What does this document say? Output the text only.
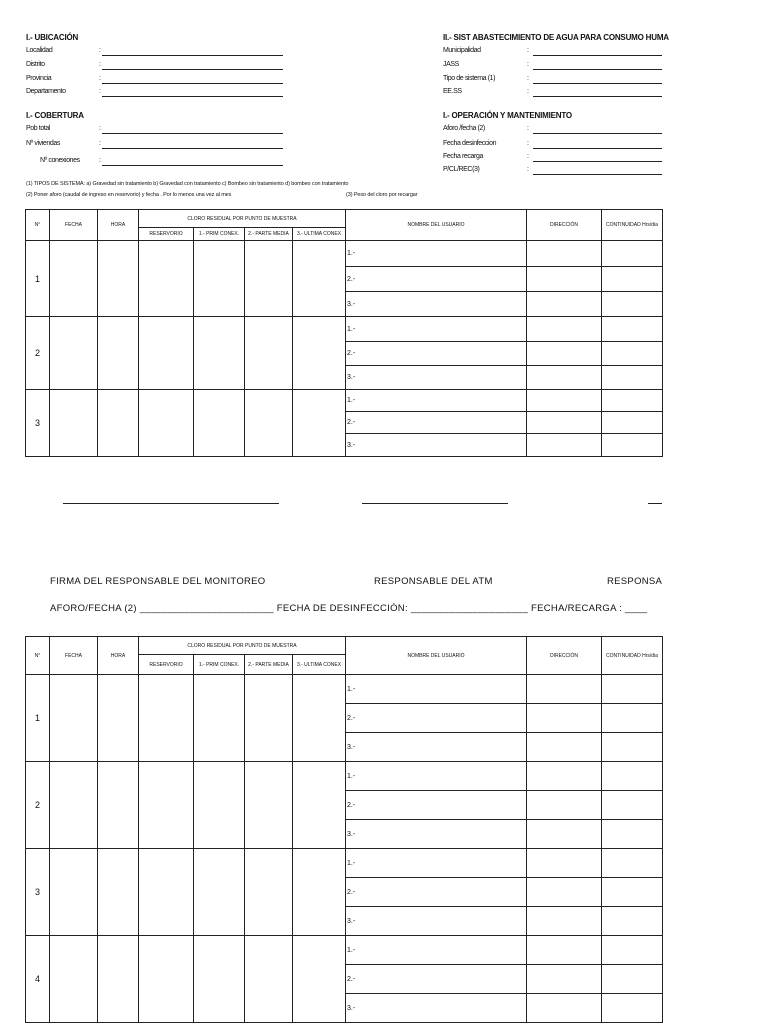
I.- UBICACIÓN
Localidad	:
Distrito	:
Provincia	:
Departamento	:
II.- SIST ABASTECIMIENTO DE AGUA PARA CONSUMO HUMA
Municipalidad	:
JASS	:
Tipo de sistema (1)	:
EE.SS	:
I.- COBERTURA
Pob total	:
Nº viviendas	:
Nº conexiones	:
I.- OPERACIÓN Y MANTENIMIENTO
Aforo /fecha (2)	:
Fecha desinfeccion	:
Fecha recarga	:
P/CL/REC(3)	:
(1) TIPOS DE SISTEMA: a) Gravedad sin tratamiento b) Gravedad con tratamiento c) Bombeo sin tratamiento d) bombeo con tratamiento
(2) Poner aforo (caudal de ingreso en reservorio) y fecha . Por lo menos una vez al mes	(3) Peso del cloro por recargar
N°	FECHA	HORA	CLORO RESIDUAL POR PUNTO DE MUESTRA				NOMBRE DEL USUARIO	DIRECCIÓN	CONTINUIDAD Hrs/dia
			RESERVORIO	1.- PRIM CONEX.	2.- PARTE MEDIA	3.- ULTIMA CONEX			
1							1.-		
							2.-		
							3.-		
2							1.-		
							2.-		
							3.-		
3							1.-		
							2.-		
							3.-		
FIRMA DEL RESPONSABLE DEL MONITOREO	RESPONSABLE DEL ATM	RESPONSA
AFORO/FECHA (2) ________________________ FECHA DE DESINFECCIÓN: _____________________ FECHA/RECARGA : ____
N°	FECHA	HORA	CLORO RESIDUAL POR PUNTO DE MUESTRA				NOMBRE DEL USUARIO	DIRECCIÓN	CONTINUIDAD Hrs/dia
			RESERVORIO	1.- PRIM CONEX.	2.- PARTE MEDIA	3.- ULTIMA CONEX			
1							1.-		
							2.-		
							3.-		
2							1.-		
							2.-		
							3.-		
3							1.-		
							2.-		
							3.-		
4							1.-		
							2.-		
							3.-		
